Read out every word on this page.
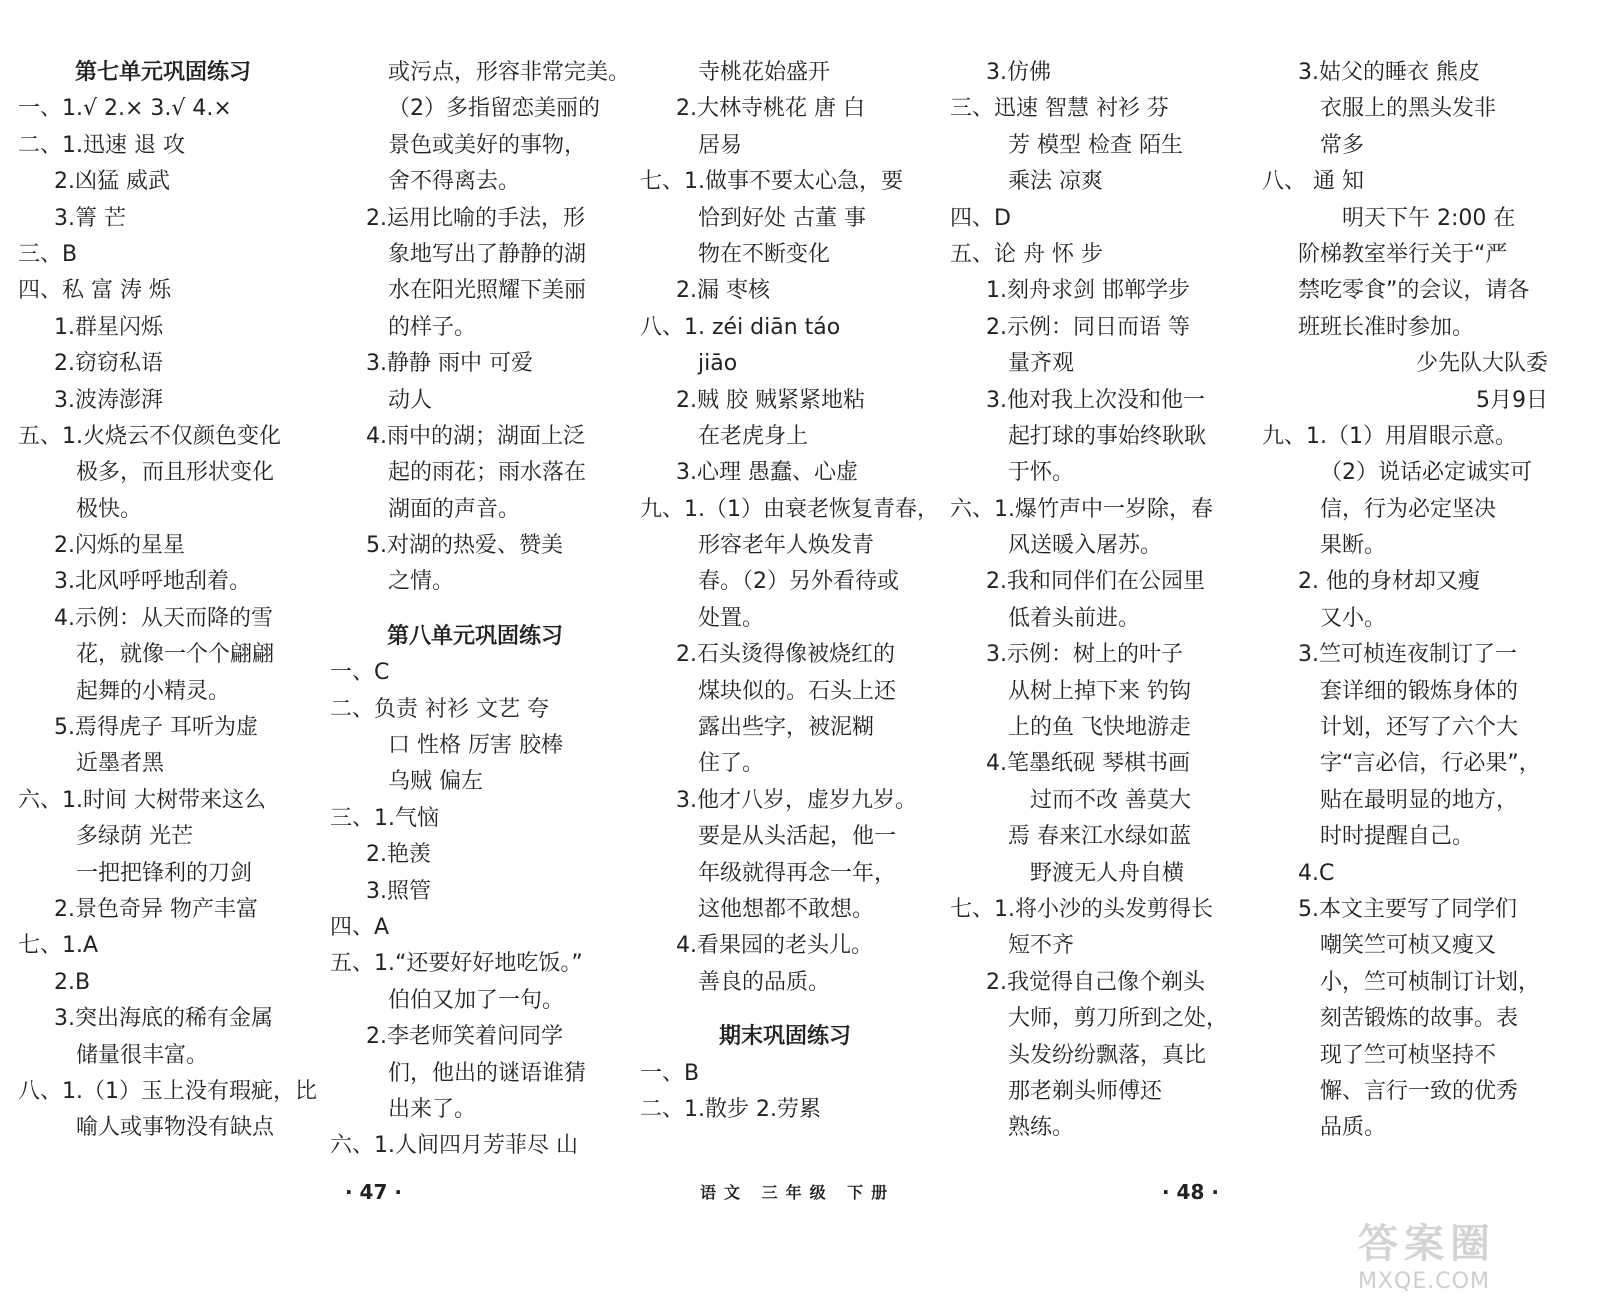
第七单元巩固练习
一、1.√ 2.× 3.√ 4.×
二、1.迅速 退 攻
2.凶猛 威武
3.箐 芒
三、B
四、私 富 涛 烁
1.群星闪烁
2.窃窃私语
3.波涛澎湃
五、1.火烧云不仅颜色变化
极多，而且形状变化
极快。
2.闪烁的星星
3.北风呼呼地刮着。
4.示例：从天而降的雪
花，就像一个个翩翩
起舞的小精灵。
5.焉得虎子 耳听为虚
近墨者黑
六、1.时间 大树带来这么
多绿荫 光芒
一把把锋利的刀剑
2.景色奇异 物产丰富
七、1.A
2.B
3.突出海底的稀有金属
储量很丰富。
八、1.（1）玉上没有瑕疵，比
喻人或事物没有缺点
或污点，形容非常完美。
（2）多指留恋美丽的
景色或美好的事物，
舍不得离去。
2.运用比喻的手法，形
象地写出了静静的湖
水在阳光照耀下美丽
的样子。
3.静静 雨中 可爱
动人
4.雨中的湖；湖面上泛
起的雨花；雨水落在
湖面的声音。
5.对湖的热爱、赞美
之情。
第八单元巩固练习
一、C
二、负责 衬衫 文艺 夸
口 性格 厉害 胶棒
乌贼 偏左
三、1.气恼
2.艳羡
3.照管
四、A
五、1.“还要好好地吃饭。”
伯伯又加了一句。
2.李老师笑着问同学
们，他出的谜语谁猜
出来了。
六、1.人间四月芳菲尽 山
寺桃花始盛开
2.大林寺桃花 唐 白
居易
七、1.做事不要太心急，要
恰到好处 古董 事
物在不断变化
2.漏 枣核
八、1. zéi diān táo
jiāo
2.贼 胶 贼紧紧地粘
在老虎身上
3.心理 愚蠢、心虚
九、1.（1）由衰老恢复青春，
形容老年人焕发青
春。（2）另外看待或
处置。
2.石头烫得像被烧红的
煤块似的。石头上还
露出些字，被泥糊
住了。
3.他才八岁，虚岁九岁。
要是从头活起，他一
年级就得再念一年，
这他想都不敢想。
4.看果园的老头儿。
善良的品质。
期末巩固练习
一、B
二、1.散步 2.劳累
3.仿佛
三、迅速 智慧 衬衫 芬
芳 模型 检查 陌生
乘法 凉爽
四、D
五、论 舟 怀 步
1.刻舟求剑 邯郸学步
2.示例：同日而语 等
量齐观
3.他对我上次没和他一
起打球的事始终耿耿
于怀。
六、1.爆竹声中一岁除，春
风送暖入屠苏。
2.我和同伴们在公园里
低着头前进。
3.示例：树上的叶子
从树上掉下来 钓钩
上的鱼 飞快地游走
4.笔墨纸砚 琴棋书画
过而不改 善莫大
焉 春来江水绿如蓝
野渡无人舟自横
七、1.将小沙的头发剪得长
短不齐
2.我觉得自己像个剃头
大师，剪刀所到之处，
头发纷纷飘落，真比
那老剃头师傅还
熟练。
3.姑父的睡衣 熊皮
衣服上的黑头发非
常多
八、 通 知
明天下午 2:00 在
阶梯教室举行关于“严
禁吃零食”的会议，请各
班班长准时参加。
少先队大队委
5月9日
九、1.（1）用眉眼示意。
（2）说话必定诚实可
信，行为必定坚决
果断。
2. 他的身材却又瘦
又小。
3.竺可桢连夜制订了一
套详细的锻炼身体的
计划，还写了六个大
字“言必信，行必果”，
贴在最明显的地方，
时时提醒自己。
4.C
5.本文主要写了同学们
嘲笑竺可桢又瘦又
小，竺可桢制订计划，
刻苦锻炼的故事。表
现了竺可桢坚持不
懈、言行一致的优秀
品质。
· 47 ·	语文 三年级 下册	· 48 ·
答案圈
MXQE.COM
